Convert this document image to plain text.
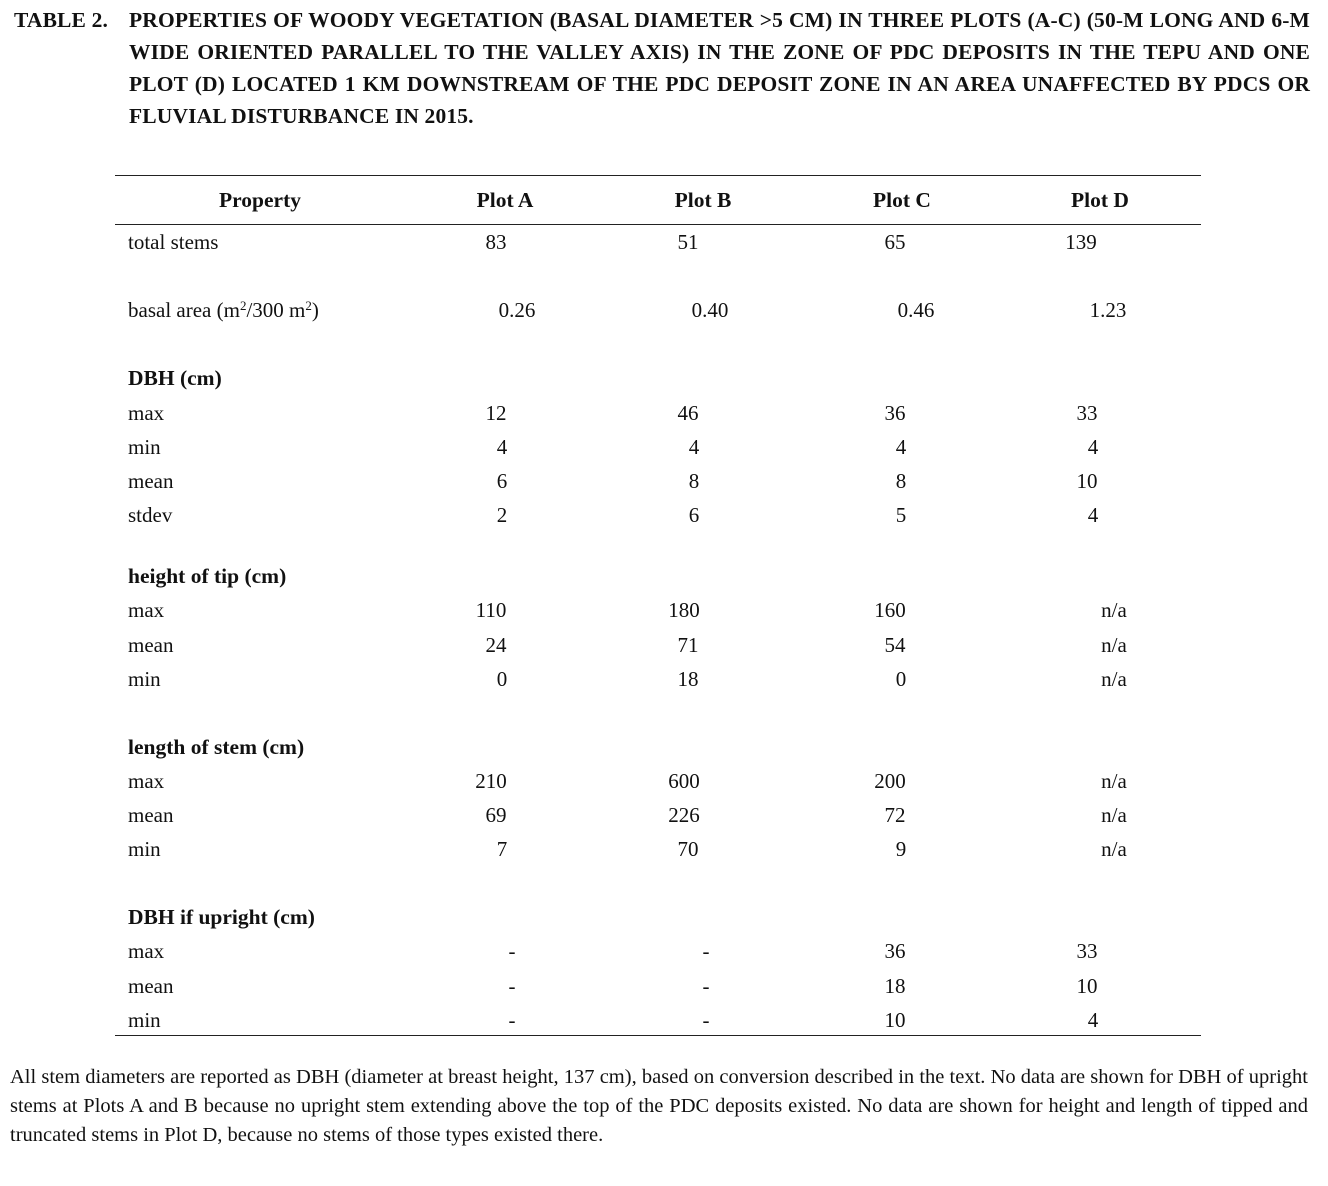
TABLE 2. PROPERTIES OF WOODY VEGETATION (BASAL DIAMETER >5 CM) IN THREE PLOTS (A-C) (50-M LONG AND 6-M WIDE ORIENTED PARALLEL TO THE VALLEY AXIS) IN THE ZONE OF PDC DEPOSITS IN THE TEPU AND ONE PLOT (D) LOCATED 1 KM DOWNSTREAM OF THE PDC DEPOSIT ZONE IN AN AREA UNAFFECTED BY PDCS OR FLUVIAL DISTURBANCE IN 2015.
Property	Plot A	Plot B	Plot C	Plot D
total stems	83	51	65	139
basal area ($m^2/300$ $m^2$)	0.26	0.40	0.46	1.23
DBH (cm)
max	12	46	36	33
min	4	4	4	4
mean	6	8	8	10
stdev	2	6	5	4
height of tip (cm)
max	110	180	160	n/a
mean	24	71	54	n/a
min	0	18	0	n/a
length of stem (cm)
max	210	600	200	n/a
mean	69	226	72	n/a
min	7	70	9	n/a
DBH if upright (cm)
max	-	-	36	33
mean	-	-	18	10
min	-	-	10	4
All stem diameters are reported as DBH (diameter at breast height, 137 cm), based on conversion described in the text. No data are shown for DBH of upright stems at Plots A and B because no upright stem extending above the top of the PDC deposits existed. No data are shown for height and length of tipped and truncated stems in Plot D, because no stems of those types existed there.
